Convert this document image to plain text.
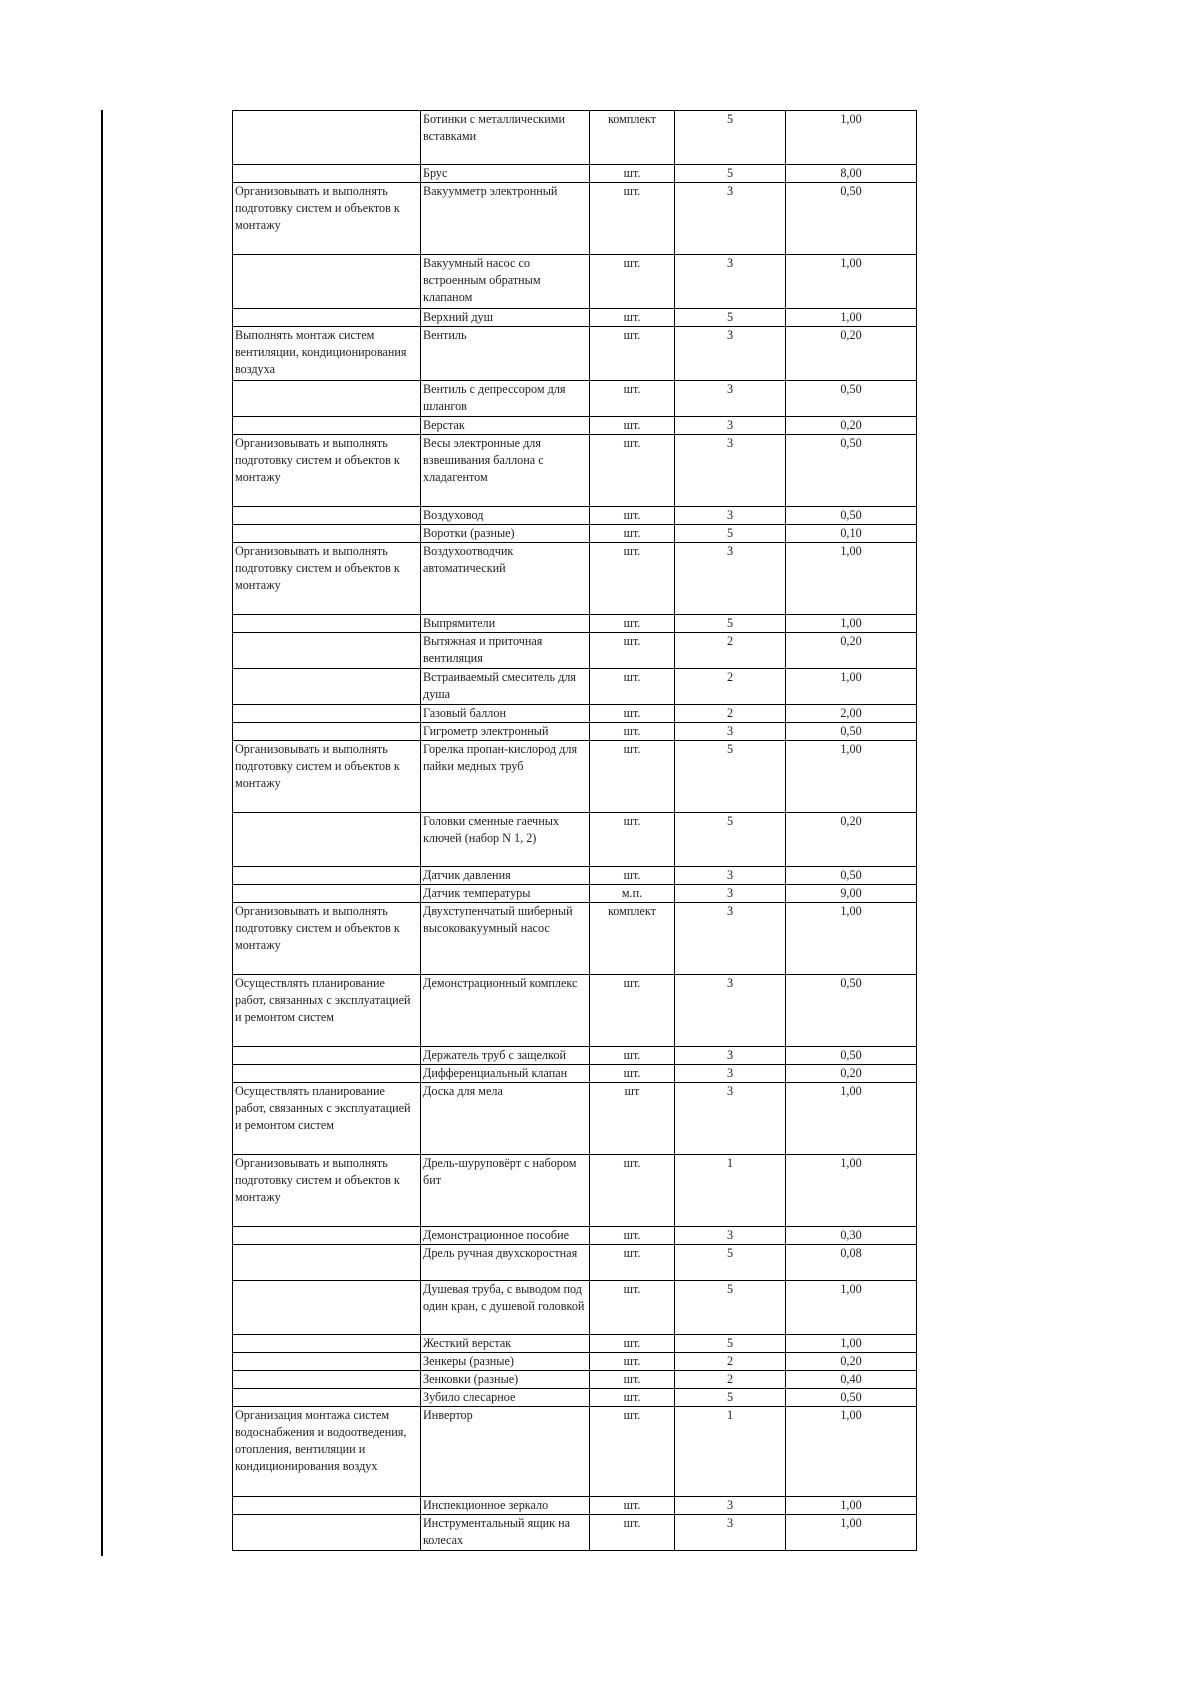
	Ботинки с металлическими вставками	комплект	5	1,00
	Брус	шт.	5	8,00
Организовывать и выполнять подготовку систем и объектов к монтажу	Вакуумметр электронный	шт.	3	0,50
	Вакуумный насос со встроенным обратным клапаном	шт.	3	1,00
	Верхний душ	шт.	5	1,00
Выполнять монтаж систем вентиляции, кондиционирования воздуха	Вентиль	шт.	3	0,20
	Вентиль с депрессором для шлангов	шт.	3	0,50
	Верстак	шт.	3	0,20
Организовывать и выполнять подготовку систем и объектов к монтажу	Весы электронные для взвешивания баллона с хладагентом	шт.	3	0,50
	Воздуховод	шт.	3	0,50
	Воротки (разные)	шт.	5	0,10
Организовывать и выполнять подготовку систем и объектов к монтажу	Воздухоотводчик автоматический	шт.	3	1,00
	Выпрямители	шт.	5	1,00
	Вытяжная и приточная вентиляция	шт.	2	0,20
	Встраиваемый смеситель для душа	шт.	2	1,00
	Газовый баллон	шт.	2	2,00
	Гигрометр электронный	шт.	3	0,50
Организовывать и выполнять подготовку систем и объектов к монтажу	Горелка пропан-кислород для пайки медных труб	шт.	5	1,00
	Головки сменные гаечных ключей (набор N 1, 2)	шт.	5	0,20
	Датчик давления	шт.	3	0,50
	Датчик температуры	м.п.	3	9,00
Организовывать и выполнять подготовку систем и объектов к монтажу	Двухступенчатый шиберный высоковакуумный насос	комплект	3	1,00
Осуществлять планирование работ, связанных с эксплуатацией и ремонтом систем	Демонстрационный комплекс	шт.	3	0,50
	Держатель труб с защелкой	шт.	3	0,50
	Дифференциальный клапан	шт.	3	0,20
Осуществлять планирование работ, связанных с эксплуатацией и ремонтом систем	Доска для мела	шт	3	1,00
Организовывать и выполнять подготовку систем и объектов к монтажу	Дрель-шуруповёрт с набором бит	шт.	1	1,00
	Демонстрационное пособие	шт.	3	0,30
	Дрель ручная двухскоростная	шт.	5	0,08
	Душевая труба, с выводом под один кран, с душевой головкой	шт.	5	1,00
	Жесткий верстак	шт.	5	1,00
	Зенкеры (разные)	шт.	2	0,20
	Зенковки (разные)	шт.	2	0,40
	Зубило слесарное	шт.	5	0,50
Организация монтажа систем водоснабжения и водоотведения, отопления, вентиляции и кондиционирования воздух	Инвертор	шт.	1	1,00
	Инспекционное зеркало	шт.	3	1,00
	Инструментальный ящик на колесах	шт.	3	1,00
